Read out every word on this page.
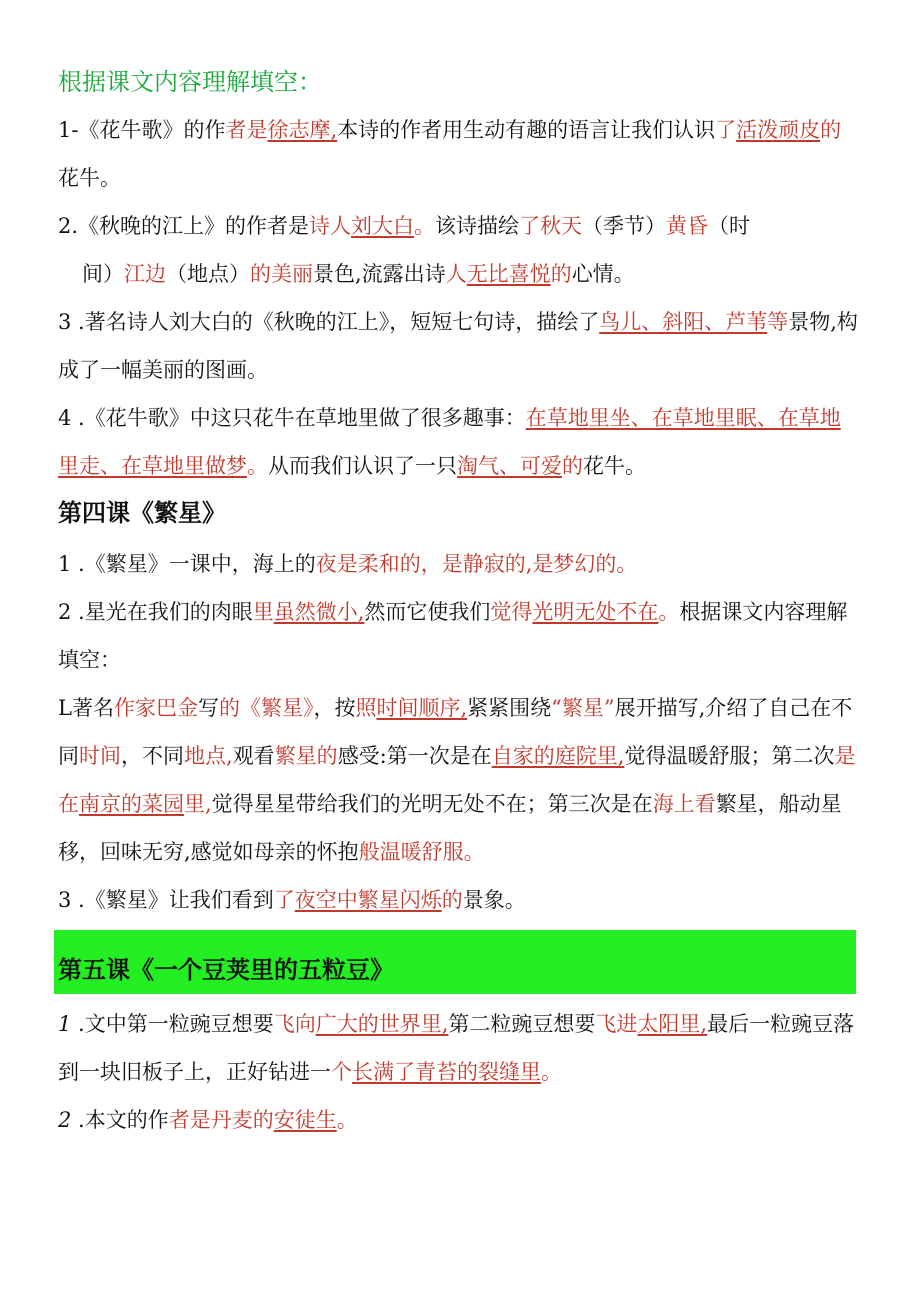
根据课文内容理解填空：

1-《花牛歌》的作者是徐志摩,本诗的作者用生动有趣的语言让我们认识了活泼顽皮的花牛。

2.《秋晚的江上》的作者是诗人刘大白。该诗描绘了秋天（季节）黄昏（时
间）江边（地点）的美丽景色,流露出诗人无比喜悦的心情。

3 .著名诗人刘大白的《秋晚的江上》，短短七句诗，描绘了鸟儿、斜阳、芦苇等景物,构成了一幅美丽的图画。

4 .《花牛歌》中这只花牛在草地里做了很多趣事：在草地里坐、在草地里眠、在草地里走、在草地里做梦。从而我们认识了一只淘气、可爱的花牛。

第四课《繁星》

1 .《繁星》一课中，海上的夜是柔和的，是静寂的,是梦幻的。

2 .星光在我们的肉眼里虽然微小,然而它使我们觉得光明无处不在。根据课文内容理解填空：

L著名作家巴金写的《繁星》，按照时间顺序,紧紧围绕“繁星”展开描写,介绍了自己在不同时间，不同地点,观看繁星的感受:第一次是在自家的庭院里,觉得温暖舒服；第二次是在南京的菜园里,觉得星星带给我们的光明无处不在；第三次是在海上看繁星，船动星移，回味无穷,感觉如母亲的怀抱般温暖舒服。

3 .《繁星》让我们看到了夜空中繁星闪烁的景象。

第五课《一个豆荚里的五粒豆》

1 .文中第一粒豌豆想要飞向广大的世界里,第二粒豌豆想要飞进太阳里,最后一粒豌豆落到一块旧板子上，正好钻进一个长满了青苔的裂缝里。

2 .本文的作者是丹麦的安徒生。
